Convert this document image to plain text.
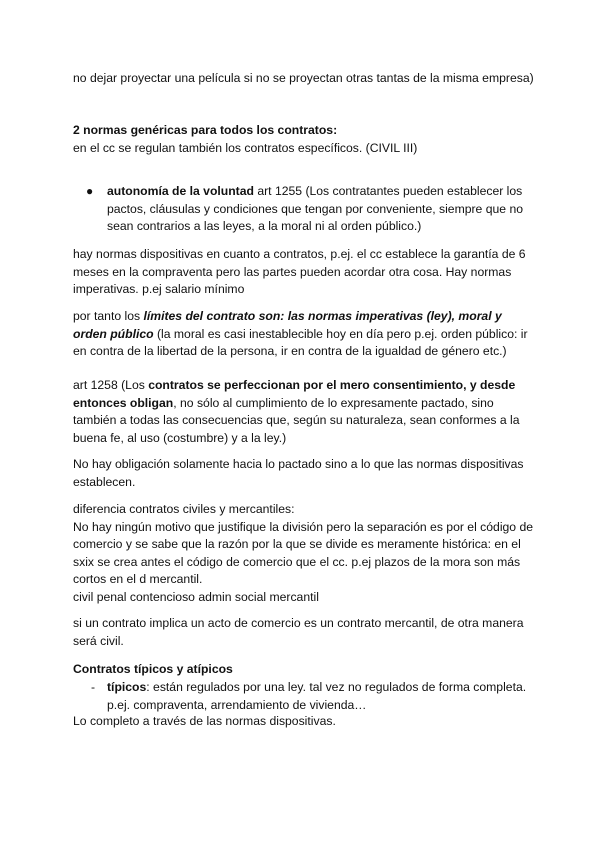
no dejar proyectar una película si no se proyectan otras tantas de la misma empresa)

2 normas genéricas para todos los contratos:
en el cc se regulan también los contratos específicos. (CIVIL III)
● autonomía de la voluntad art 1255 (Los contratantes pueden establecer los pactos, cláusulas y condiciones que tengan por conveniente, siempre que no sean contrarios a las leyes, a la moral ni al orden público.)

hay normas dispositivas en cuanto a contratos, p.ej. el cc establece la garantía de 6 meses en la compraventa pero las partes pueden acordar otra cosa. Hay normas imperativas. p.ej salario mínimo

por tanto los límites del contrato son: las normas imperativas (ley), moral y orden público (la moral es casi inestablecible hoy en día pero p.ej. orden público: ir en contra de la libertad de la persona, ir en contra de la igualdad de género etc.)

art 1258 (Los contratos se perfeccionan por el mero consentimiento, y desde entonces obligan, no sólo al cumplimiento de lo expresamente pactado, sino también a todas las consecuencias que, según su naturaleza, sean conformes a la buena fe, al uso (costumbre) y a la ley.)

No hay obligación solamente hacia lo pactado sino a lo que las normas dispositivas establecen.

diferencia contratos civiles y mercantiles:
No hay ningún motivo que justifique la división pero la separación es por el código de comercio y se sabe que la razón por la que se divide es meramente histórica: en el sxix se crea antes el código de comercio que el cc. p.ej plazos de la mora son más cortos en el d mercantil.
civil penal contencioso admin social mercantil

si un contrato implica un acto de comercio es un contrato mercantil, de otra manera será civil.

Contratos típicos y atípicos
- típicos: están regulados por una ley. tal vez no regulados de forma completa. p.ej. compraventa, arrendamiento de vivienda…

Lo completo a través de las normas dispositivas.
